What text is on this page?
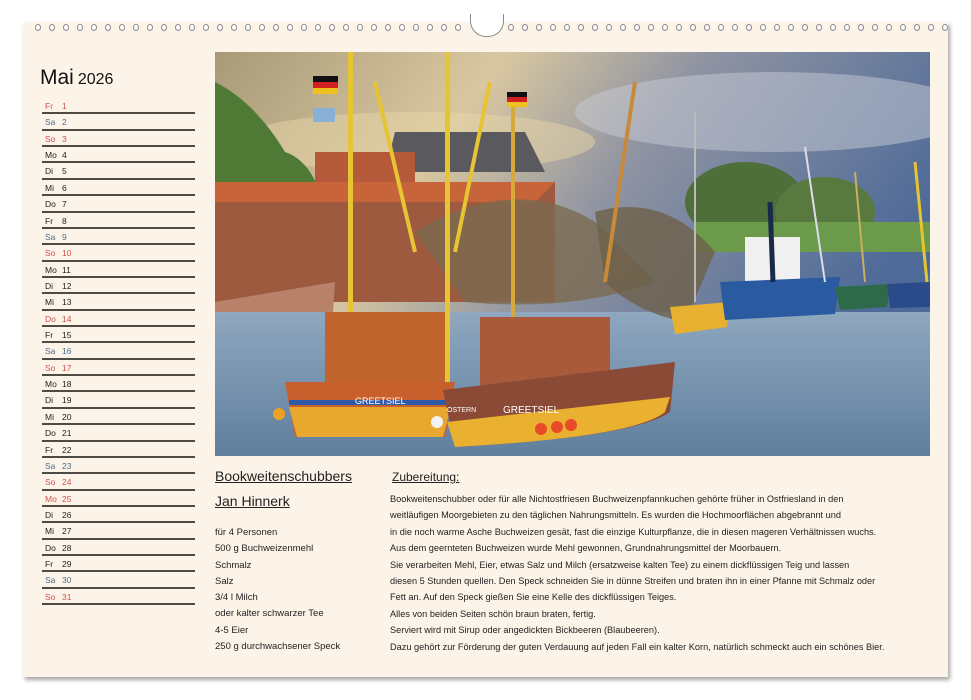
Mai 2026
Fr 1
Sa 2
So 3
Mo 4
Di 5
Mi 6
Do 7
Fr 8
Sa 9
So 10
Mo 11
Di 12
Mi 13
Do 14
Fr 15
Sa 16
So 17
Mo 18
Di 19
Mi 20
Do 21
Fr 22
Sa 23
So 24
Mo 25
Di 26
Mi 27
Do 28
Fr 29
Sa 30
So 31
GREETSIEL
GREETSIEL
OSTERN
Bookweitenschubbers
Jan Hinnerk
für 4 Personen
500 g Buchweizenmehl
Schmalz
Salz
3/4 l Milch
oder kalter schwarzer Tee
4-5 Eier
250 g durchwachsener Speck
Zubereitung:
Bookweitenschubber oder für alle Nichtostfriesen Buchweizenpfannkuchen gehörte früher in Ostfriesland in den
weitläufigen Moorgebieten zu den täglichen Nahrungsmitteln. Es wurden die Hochmoorflächen abgebrannt und
in die noch warme Asche Buchweizen gesät, fast die einzige Kulturpflanze, die in diesen mageren Verhältnissen wuchs.
Aus dem geernteten Buchweizen wurde Mehl gewonnen, Grundnahrungsmittel der Moorbauern.
Sie verarbeiten Mehl, Eier, etwas Salz und Milch (ersatzweise kalten Tee) zu einem dickflüssigen Teig und lassen
diesen 5 Stunden quellen. Den Speck schneiden Sie in dünne Streifen und braten ihn in einer Pfanne mit Schmalz oder
Fett an. Auf den Speck gießen Sie eine Kelle des dickflüssigen Teiges.
Alles von beiden Seiten schön braun braten, fertig.
Serviert wird mit Sirup oder angedickten Bickbeeren (Blaubeeren).
Dazu gehört zur Förderung der guten Verdauung auf jeden Fall ein kalter Korn, natürlich schmeckt auch ein schönes Bier.
